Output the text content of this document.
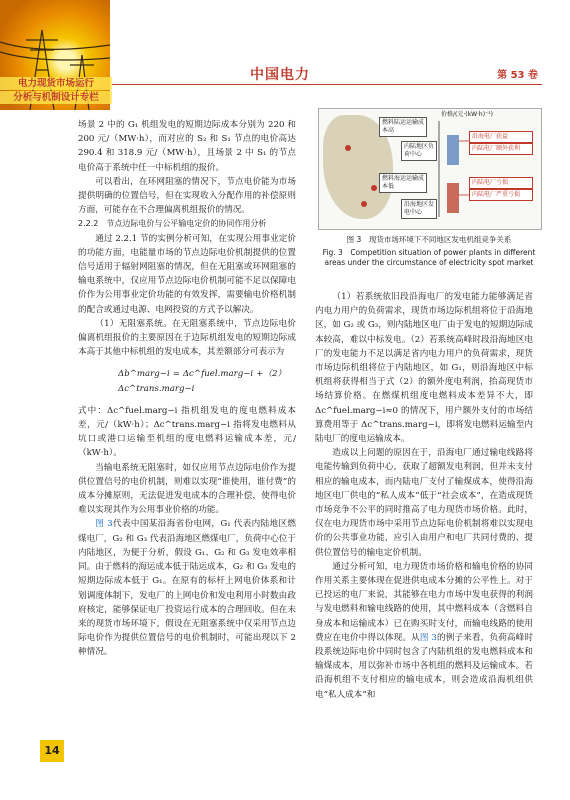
电力现货市场运行
分析与机制设计专栏
中国电力	第 53 卷

场景 2 中的 G₁ 机组发电的短期边际成本分别为 220 和 200 元/（MW·h），而对应的 S₂ 和 S₁ 节点的电价高达 290.4 和 318.9 元/（MW·h），且场景 2 中 S₁ 的节点电价高于系统中任一中标机组的报价。

可以看出，在环网阻塞的情况下，节点电价能为市场提供明确的位置信号，但在实现收入分配作用的补偿原则方面，可能存在不合理偏离机组报价的情况。

2.2.2　节点边际电价与公平输电定价的协同作用分析

通过 2.2.1 节的实例分析可知，在实现公用事业定价的功能方面，电能量市场的节点边际电价机制提供的位置信号适用于辐射网阻塞的情况，但在无阻塞或环网阻塞的输电系统中，仅应用节点边际电价机制可能不足以保障电价作为公用事业定价功能的有效发挥，需要输电价格机制的配合或通过电源、电网投资的方式予以解决。

（1）无阻塞系统。在无阻塞系统中，节点边际电价偏离机组报价的主要原因在于边际机组发电的短期边际成本高于其他中标机组的发电成本，其差额部分可表示为

Δb^marg−i = Δc^fuel.marg−i + Δc^trans.marg−i
（2）

式中：Δc^fuel.marg−i 指机组发电的度电燃料成本差，元/（kW·h）；Δc^trans.marg−i 指将发电燃料从坑口或港口运输至机组的度电燃料运输成本差，元/（kW·h）。

当输电系统无阻塞时，如仅应用节点边际电价作为提供位置信号的电价机制，则难以实现“谁使用，谁付费”的成本分摊原则，无法促进发电成本的合理补偿，使得电价难以实现其作为公用事业价格的功能。

图 3代表中国某沿海省份电网，G₁ 代表内陆地区燃煤电厂，G₂ 和 G₃ 代表沿海地区燃煤电厂，负荷中心位于内陆地区，为便于分析，假设 G₁、G₂ 和 G₃ 发电效率相同。由于燃料的海运成本低于陆运成本，G₂ 和 G₃ 发电的短期边际成本低于 G₁。在原有的标杆上网电价体系和计划调度体制下，发电厂的上网电价和发电利用小时数由政府核定，能够保证电厂投资运行成本的合理回收。但在未来的现货市场环境下，假设在无阻塞系统中仅采用节点边际电价作为提供位置信号的电价机制时，可能出现以下 2 种情况。

燃料陆运运输成本高
内陆地区负荷中心
燃料海运运输成本低
沿海地区发电中心
价格/(元·(kW·h)⁻¹)
沿海电厂获益
内陆电厂额外获利
内陆电厂亏损
内陆电厂严重亏损
图 3　现货市场环境下不同地区发电机组竞争关系
Fig. 3　Competition situation of power plants in different areas under the circumstance of electricity spot market

（1）若系统依旧段沿海电厂的发电能力能够满足省内电力用户的负荷需求，现货市场边际机组将位于沿海地区，如 G₂ 或 G₃，则内陆地区电厂由于发电的短期边际成本较高，难以中标发电。（2）若系统高峰时段沿海地区电厂的发电能力不足以满足省内电力用户的负荷需求，现货市场边际机组将位于内陆地区，如 G₁，则沿海地区中标机组将获得相当于式（2）的额外度电利润，抬高现货市场结算价格。在燃煤机组度电燃料成本差异不大，即 Δc^fuel.marg−i≈0 的情况下，用户额外支付的市场结算费用等于 Δc^trans.marg−i，即将发电燃料运输至内陆电厂的度电运输成本。

造成以上问题的原因在于，沿海电厂通过输电线路将电能传输到负荷中心，获取了超额发电利润，但并未支付相应的输电成本，而内陆电厂支付了输煤成本，使得沿海地区电厂供电的“私人成本”低于“社会成本”，在造成现货市场竞争不公平的同时推高了电力现货市场价格。此时，仅在电力现货市场中采用节点边际电价机制将难以实现电价的公共事业功能，应引入由用户和电厂共同付费的、提供位置信号的输电定价机制。

通过分析可知，电力现货市场价格和输电价格的协同作用关系主要体现在促进供电成本分摊的公平性上。对于已投运的电厂来说，其能够在电力市场中发电获得的利润与发电燃料和输电线路的使用，其中燃料成本（含燃料自身成本和运输成本）已在购买时支付，而输电线路的使用费应在电价中得以体现。从图 3的例子来看，负荷高峰时段系统边际电价中同时包含了内陆机组的发电燃料成本和输煤成本，用以弥补市场中各机组的燃料及运输成本。若沿海机组不支付相应的输电成本，则会造成沿海机组供电“私人成本”和

14
